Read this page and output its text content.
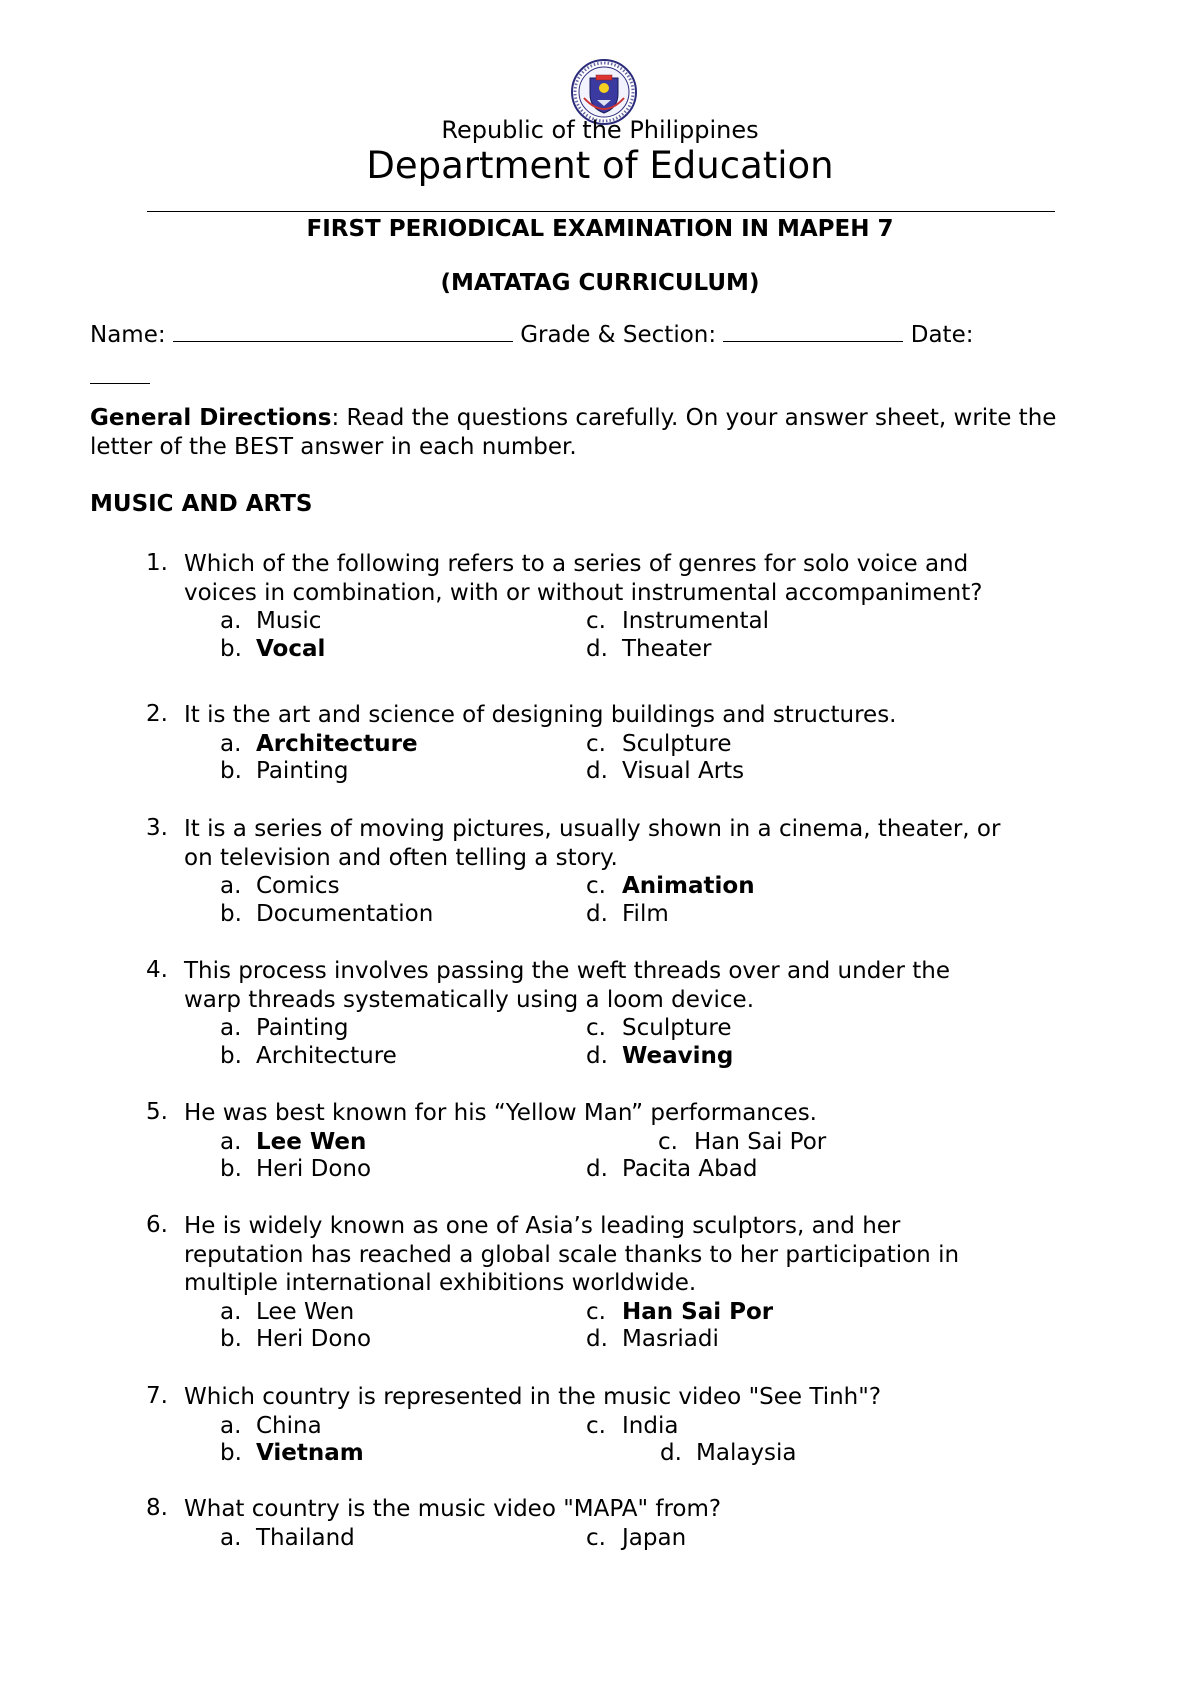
Republic of the Philippines
Department of Education
FIRST PERIODICAL EXAMINATION IN MAPEH 7
(MATATAG CURRICULUM)
Name:	Grade & Section:	Date:
General Directions: Read the questions carefully. On your answer sheet, write the
letter of the BEST answer in each number.
MUSIC AND ARTS
1. Which of the following refers to a series of genres for solo voice and
voices in combination, with or without instrumental accompaniment?
a. Music	c. Instrumental
b. Vocal	d. Theater
2. It is the art and science of designing buildings and structures.
a. Architecture	c. Sculpture
b. Painting	d. Visual Arts
3. It is a series of moving pictures, usually shown in a cinema, theater, or
on television and often telling a story.
a. Comics	c. Animation
b. Documentation	d. Film
4. This process involves passing the weft threads over and under the
warp threads systematically using a loom device.
a. Painting	c. Sculpture
b. Architecture	d. Weaving
5. He was best known for his “Yellow Man” performances.
a. Lee Wen	c. Han Sai Por
b. Heri Dono	d. Pacita Abad
6. He is widely known as one of Asia’s leading sculptors, and her
reputation has reached a global scale thanks to her participation in
multiple international exhibitions worldwide.
a. Lee Wen	c. Han Sai Por
b. Heri Dono	d. Masriadi
7. Which country is represented in the music video "See Tinh"?
a. China	c. India
b. Vietnam	d. Malaysia
8. What country is the music video "MAPA" from?
a. Thailand	c. Japan
